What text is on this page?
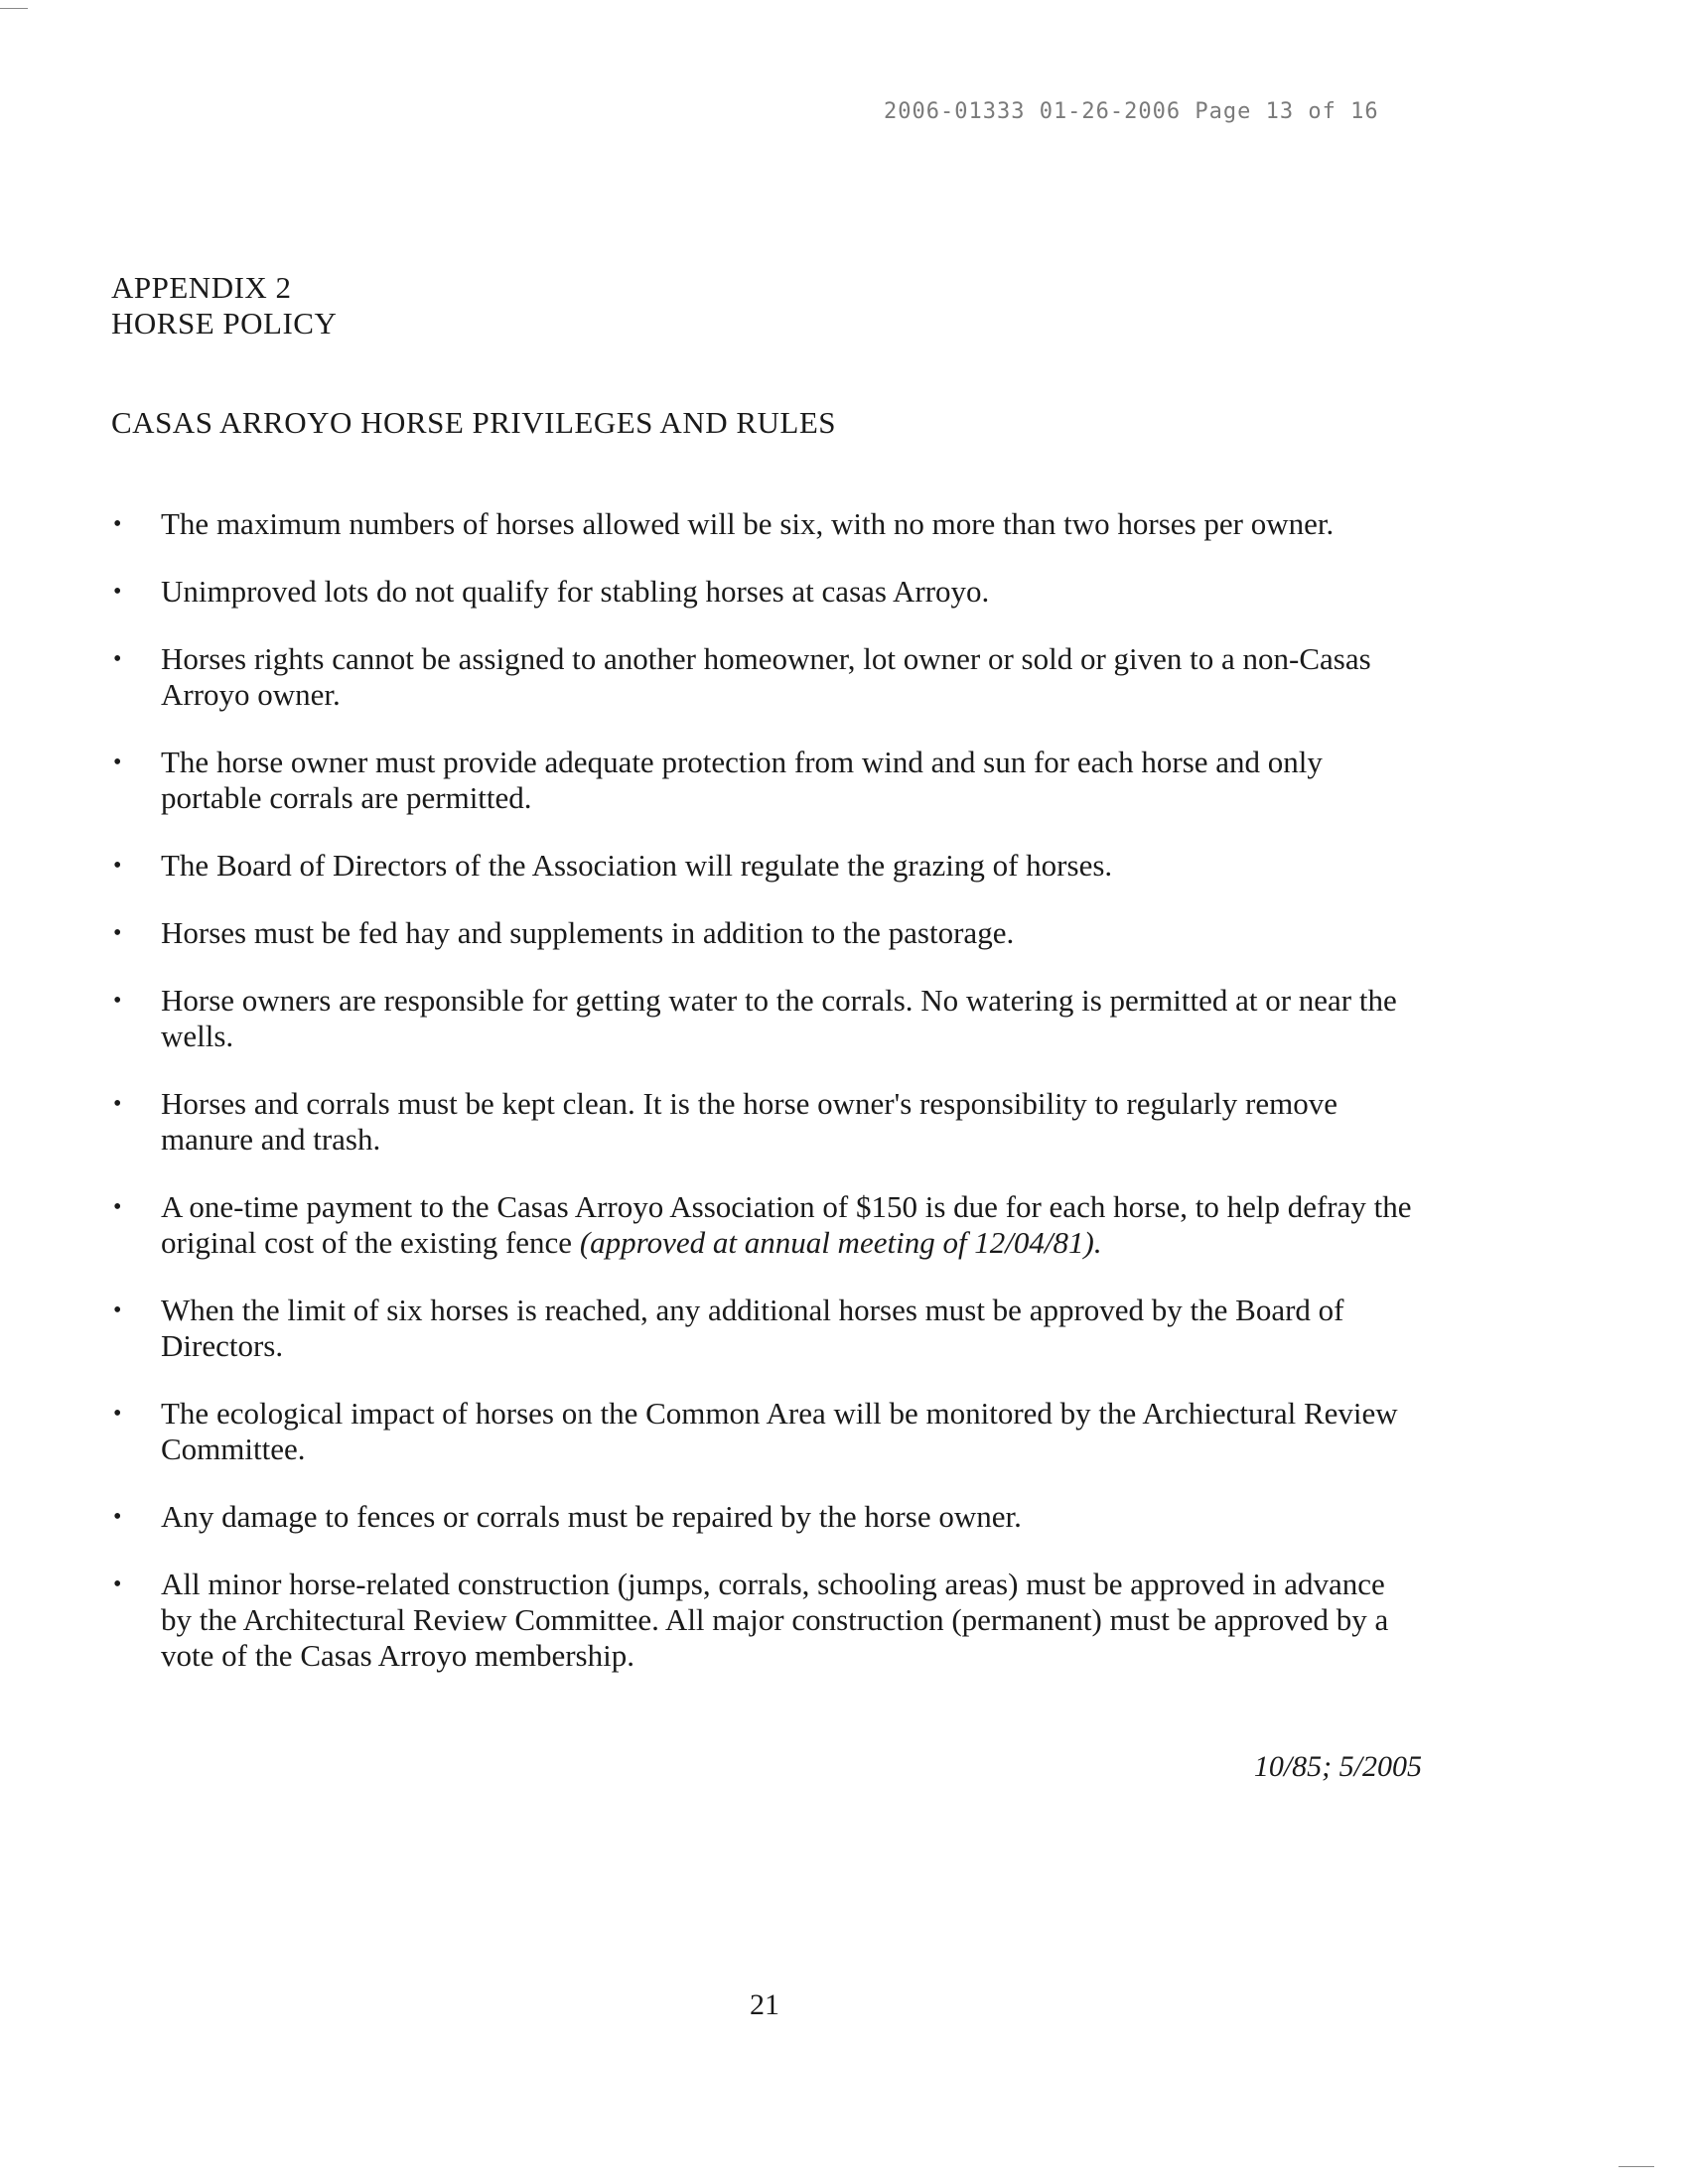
2006-01333 01-26-2006 Page 13 of 16
APPENDIX 2
HORSE POLICY
CASAS ARROYO HORSE PRIVILEGES AND RULES
• The maximum numbers of horses allowed will be six, with no more than two horses per owner.
• Unimproved lots do not qualify for stabling horses at casas Arroyo.
• Horses rights cannot be assigned to another homeowner, lot owner or sold or given to a non-Casas Arroyo owner.
• The horse owner must provide adequate protection from wind and sun for each horse and only portable corrals are permitted.
• The Board of Directors of the Association will regulate the grazing of horses.
• Horses must be fed hay and supplements in addition to the pastorage.
• Horse owners are responsible for getting water to the corrals. No watering is permitted at or near the wells.
• Horses and corrals must be kept clean. It is the horse owner's responsibility to regularly remove manure and trash.
• A one-time payment to the Casas Arroyo Association of $150 is due for each horse, to help defray the original cost of the existing fence (approved at annual meeting of 12/04/81).
• When the limit of six horses is reached, any additional horses must be approved by the Board of Directors.
• The ecological impact of horses on the Common Area will be monitored by the Archiectural Review Committee.
• Any damage to fences or corrals must be repaired by the horse owner.
• All minor horse-related construction (jumps, corrals, schooling areas) must be approved in advance by the Architectural Review Committee. All major construction (permanent) must be approved by a vote of the Casas Arroyo membership.
10/85; 5/2005
21
